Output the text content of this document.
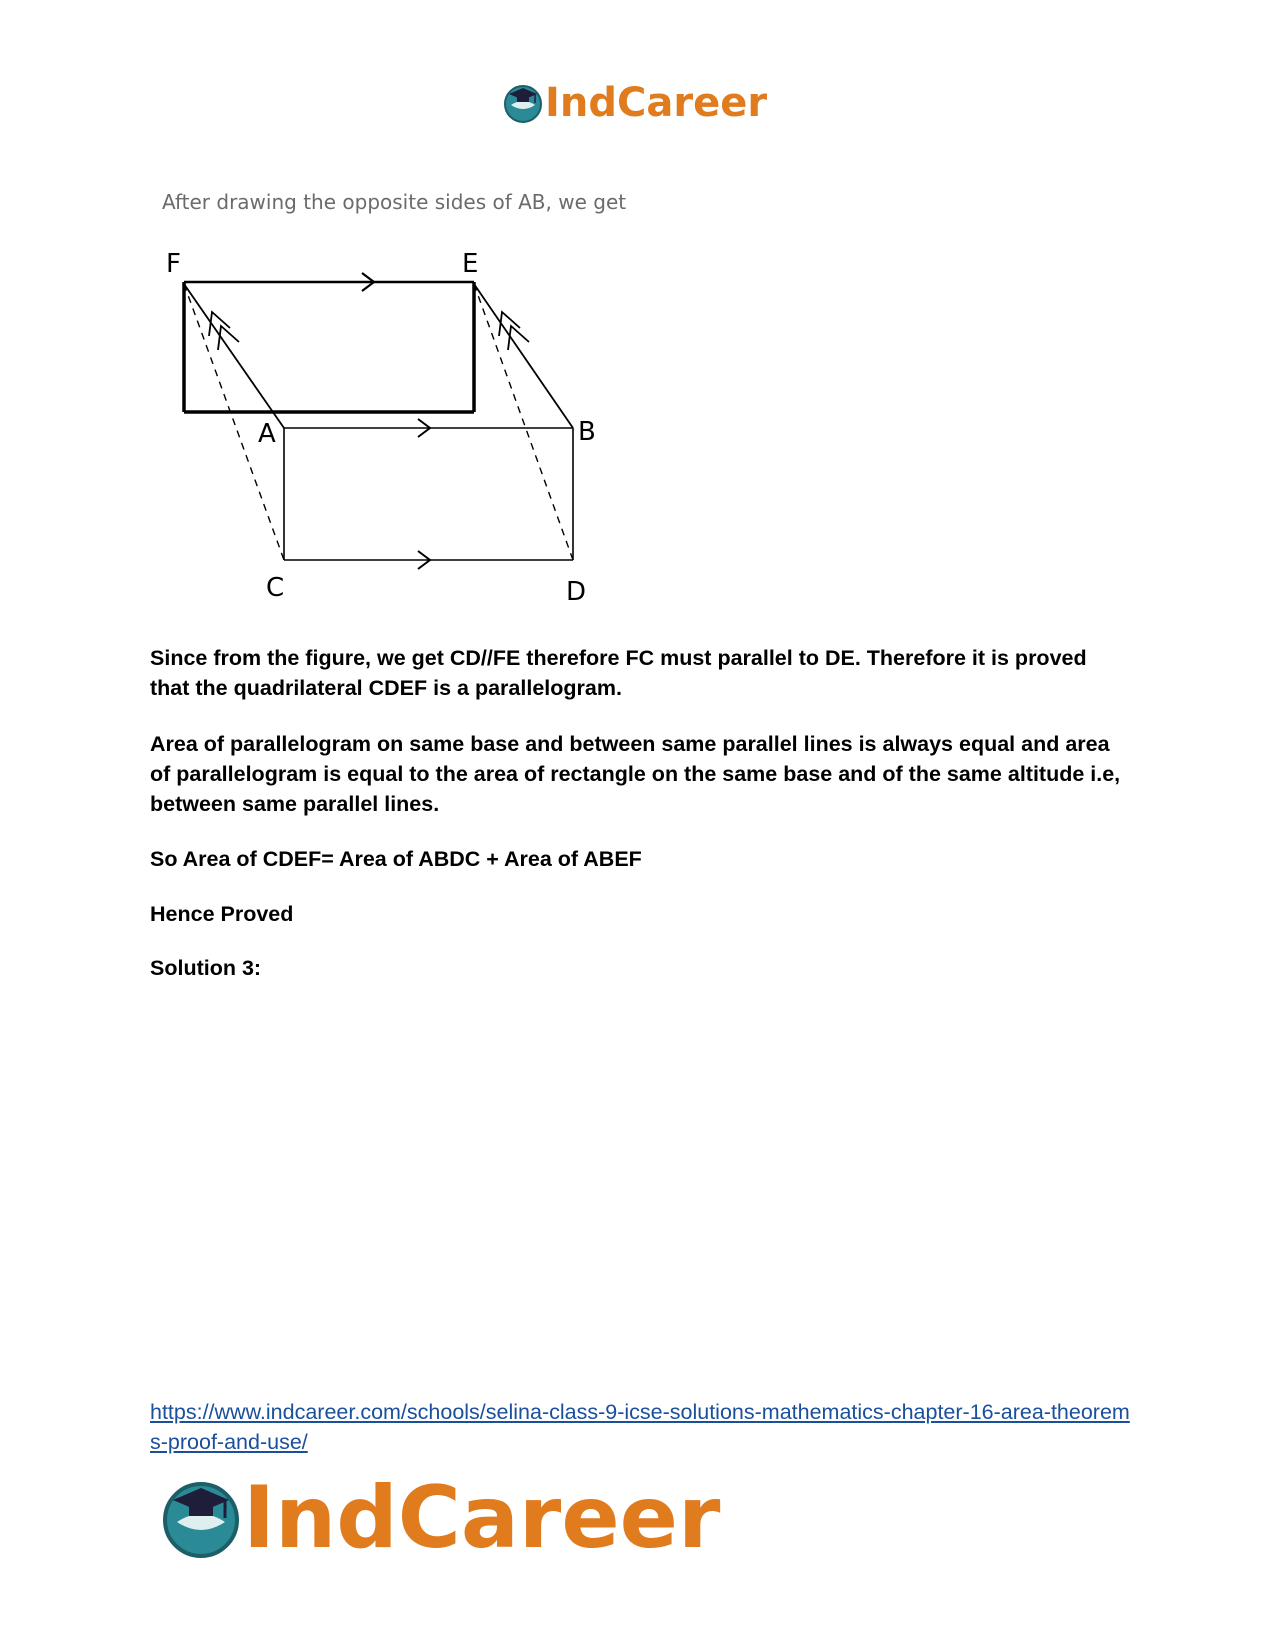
IndCareer
After drawing the opposite sides of AB, we get
F	E
A	B
C	D

Since from the figure, we get CD//FE therefore FC must parallel to DE. Therefore it is proved that the quadrilateral CDEF is a parallelogram.

Area of parallelogram on same base and between same parallel lines is always equal and area of parallelogram is equal to the area of rectangle on the same base and of the same altitude i.e, between same parallel lines.

So Area of CDEF= Area of ABDC + Area of ABEF

Hence Proved

Solution 3:

https://www.indcareer.com/schools/selina-class-9-icse-solutions-mathematics-chapter-16-area-theorems-proof-and-use/
IndCareer
